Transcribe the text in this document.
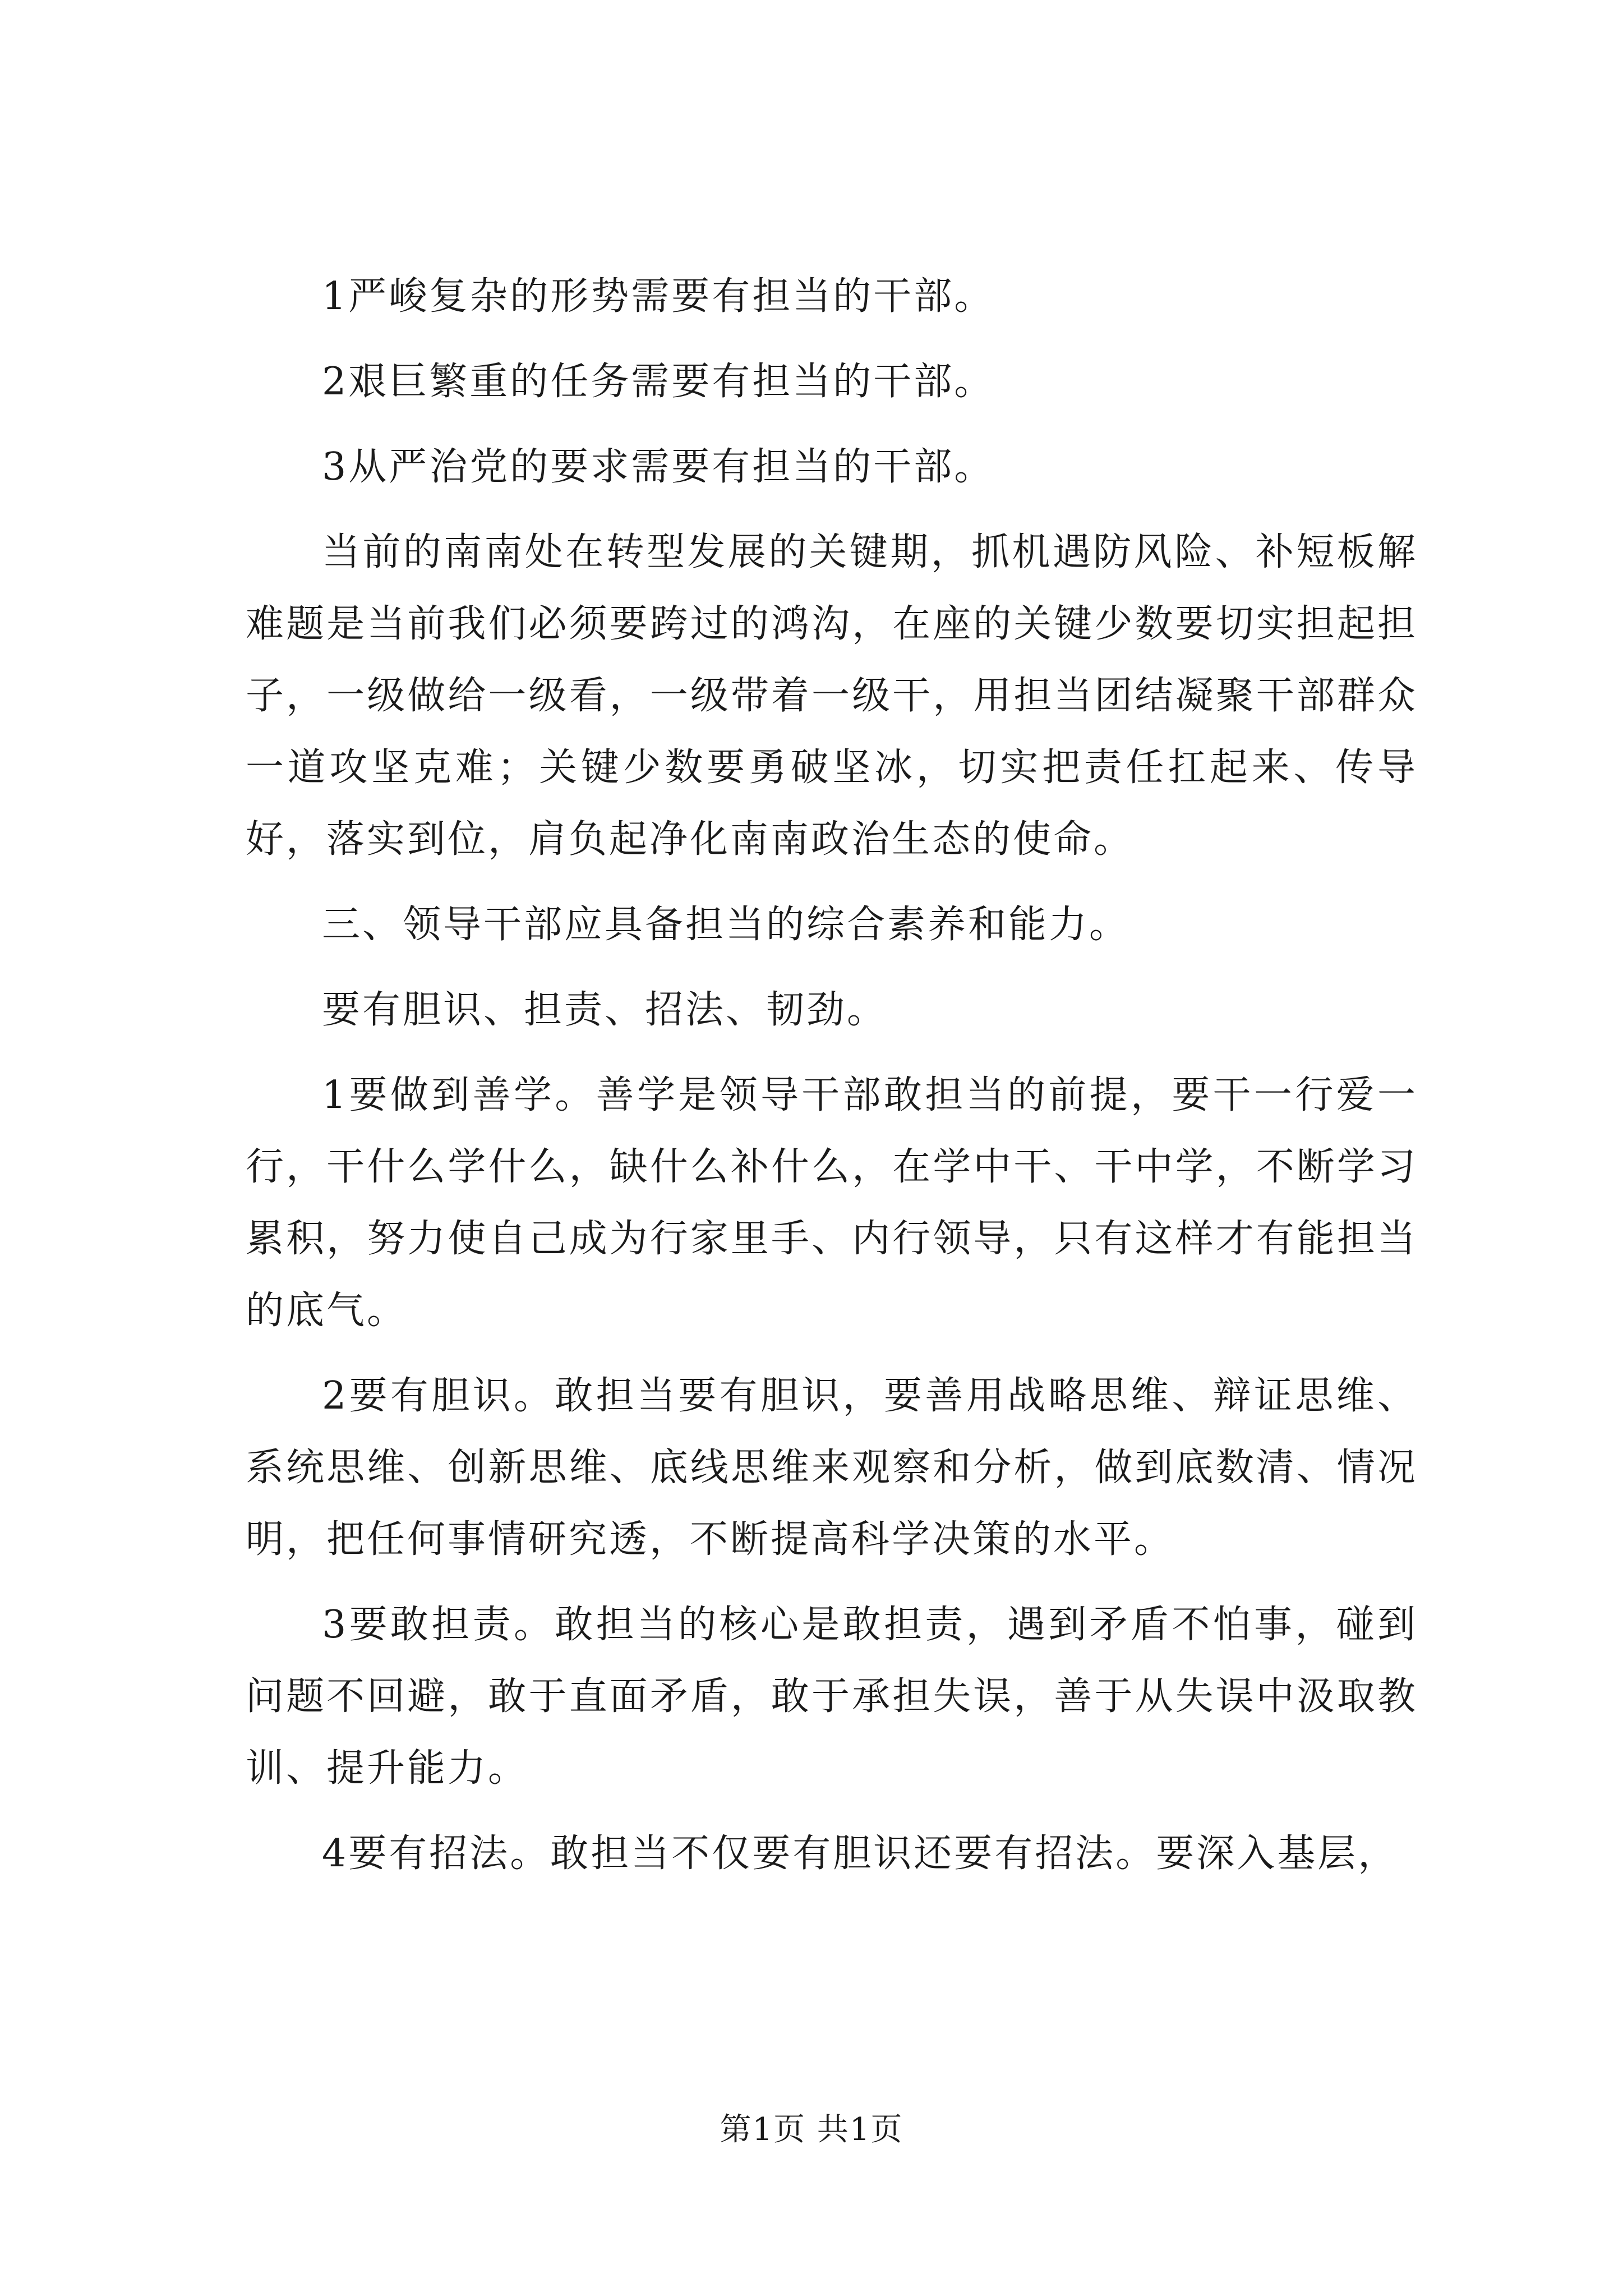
1严峻复杂的形势需要有担当的干部。

2艰巨繁重的任务需要有担当的干部。

3从严治党的要求需要有担当的干部。

当前的南南处在转型发展的关键期，抓机遇防风险、补短板解难题是当前我们必须要跨过的鸿沟，在座的关键少数要切实担起担子，一级做给一级看，一级带着一级干，用担当团结凝聚干部群众一道攻坚克难；关键少数要勇破坚冰，切实把责任扛起来、传导好，落实到位，肩负起净化南南政治生态的使命。

三、领导干部应具备担当的综合素养和能力。

要有胆识、担责、招法、韧劲。

1要做到善学。善学是领导干部敢担当的前提，要干一行爱一行，干什么学什么，缺什么补什么，在学中干、干中学，不断学习累积，努力使自己成为行家里手、内行领导，只有这样才有能担当的底气。

2要有胆识。敢担当要有胆识，要善用战略思维、辩证思维、系统思维、创新思维、底线思维来观察和分析，做到底数清、情况明，把任何事情研究透，不断提高科学决策的水平。

3要敢担责。敢担当的核心是敢担责，遇到矛盾不怕事，碰到问题不回避，敢于直面矛盾，敢于承担失误，善于从失误中汲取教训、提升能力。

4要有招法。敢担当不仅要有胆识还要有招法。要深入基层，

第1页 共1页
